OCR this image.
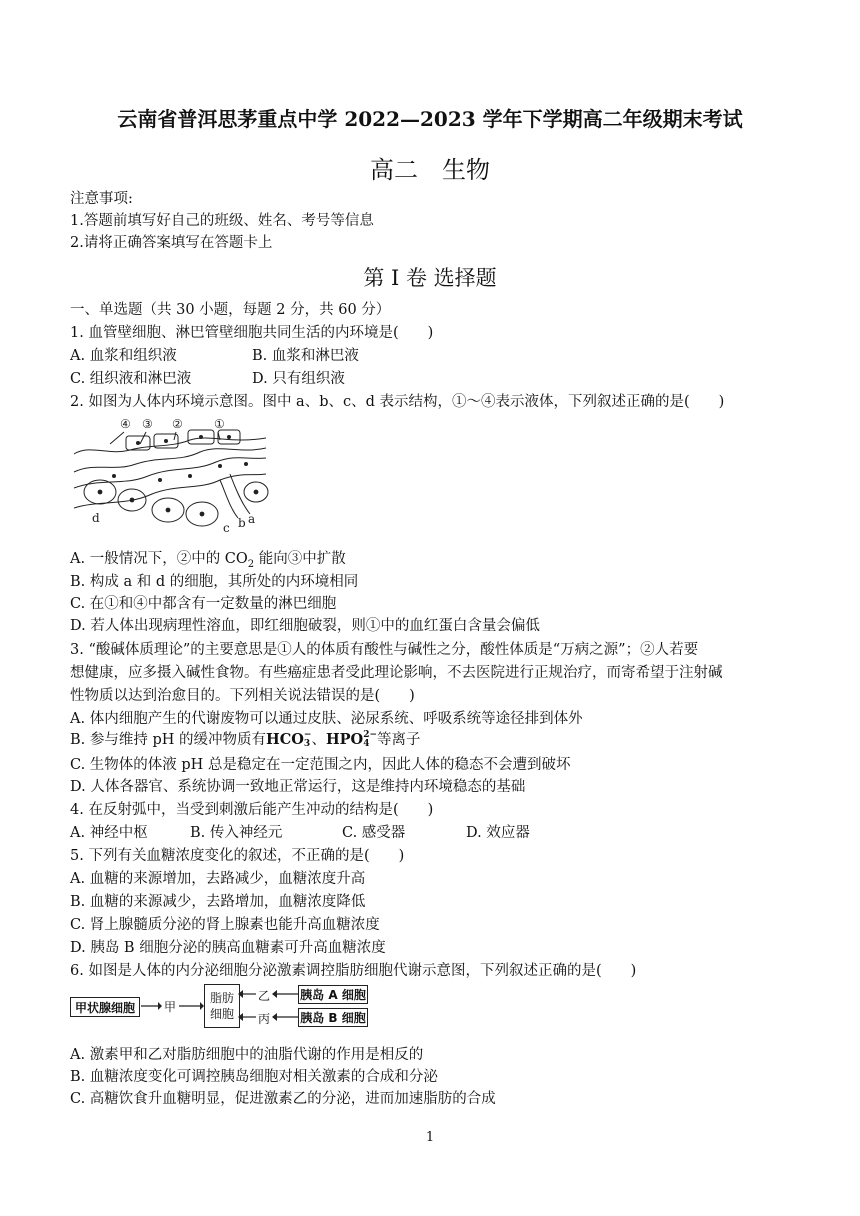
云南省普洱思茅重点中学 2022—2023 学年下学期高二年级期末考试
高二　生物
注意事项:
1.答题前填写好自己的班级、姓名、考号等信息
2.请将正确答案填写在答题卡上
第 I 卷 选择题
一、单选题（共 30 小题，每题 2 分，共 60 分）
1. 血管壁细胞、淋巴管壁细胞共同生活的内环境是(　　)
A. 血浆和组织液	B. 血浆和淋巴液
C. 组织液和淋巴液	D. 只有组织液
2. 如图为人体内环境示意图。图中 a、b、c、d 表示结构，①～④表示液体，下列叙述正确的是(　　)
④ ③ ②	①
d
c b a
A. 一般情况下，②中的 $CO_2$ 能向③中扩散
B. 构成 a 和 d 的细胞，其所处的内环境相同
C. 在①和④中都含有一定数量的淋巴细胞
D. 若人体出现病理性溶血，即红细胞破裂，则①中的血红蛋白含量会偏低
3. “酸碱体质理论”的主要意思是①人的体质有酸性与碱性之分，酸性体质是“万病之源”；②人若要
想健康，应多摄入碱性食物。有些癌症患者受此理论影响，不去医院进行正规治疗，而寄希望于注射碱
性物质以达到治愈目的。下列相关说法错误的是(　　)
A. 体内细胞产生的代谢废物可以通过皮肤、泌尿系统、呼吸系统等途径排到体外
B. 参与维持 pH 的缓冲物质有HCO−
3、HPO2−
4 等离子
C. 生物体的体液 pH 总是稳定在一定范围之内，因此人体的稳态不会遭到破坏
D. 人体各器官、系统协调一致地正常运行，这是维持内环境稳态的基础
4. 在反射弧中，当受到刺激后能产生冲动的结构是(　　)
A. 神经中枢	B. 传入神经元	C. 感受器	D. 效应器
5. 下列有关血糖浓度变化的叙述，不正确的是(　　)
A. 血糖的来源增加，去路减少，血糖浓度升高
B. 血糖的来源减少，去路增加，血糖浓度降低
C. 肾上腺髓质分泌的肾上腺素也能升高血糖浓度
D. 胰岛 B 细胞分泌的胰高血糖素可升高血糖浓度
6. 如图是人体的内分泌细胞分泌激素调控脂肪细胞代谢示意图，下列叙述正确的是(　　)
甲状腺细胞	甲
脂肪
细胞
乙
丙
胰岛 A 细胞
胰岛 B 细胞
A. 激素甲和乙对脂肪细胞中的油脂代谢的作用是相反的
B. 血糖浓度变化可调控胰岛细胞对相关激素的合成和分泌
C. 高糖饮食升血糖明显，促进激素乙的分泌，进而加速脂肪的合成
1
